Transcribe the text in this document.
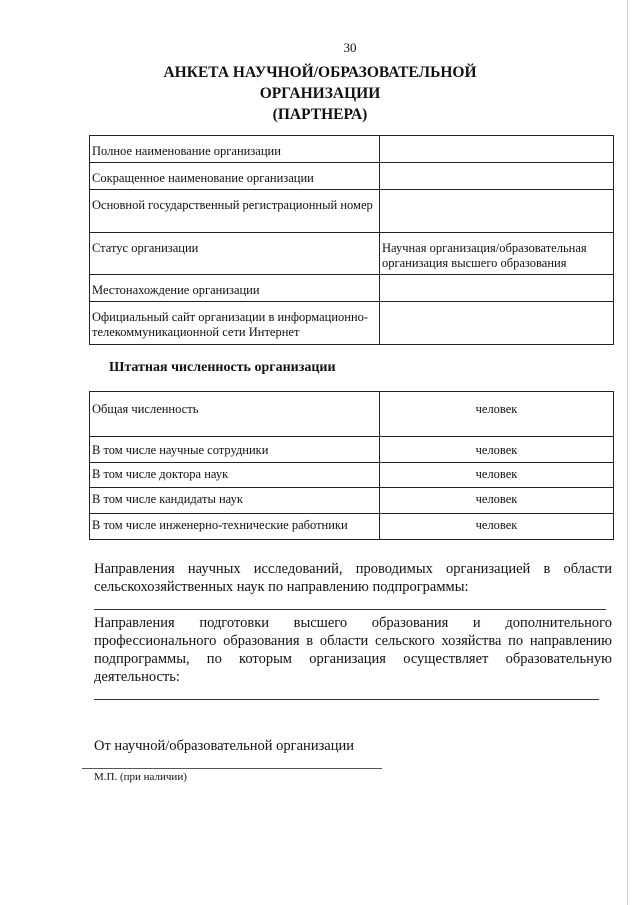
30
АНКЕТА НАУЧНОЙ/ОБРАЗОВАТЕЛЬНОЙ ОРГАНИЗАЦИИ
(ПАРТНЕРА)
Полное наименование организации	
Сокращенное наименование организации	
Основной государственный регистрационный номер	
Статус организации	Научная организация/образовательная организация высшего образования
Местонахождение организации	
Официальный сайт организации в информационно-телекоммуникационной сети Интернет	
Штатная численность организации
Общая численность	человек
В том числе научные сотрудники	человек
В том числе доктора наук	человек
В том числе кандидаты наук	человек
В том числе инженерно-технические работники	человек
Направления научных исследований, проводимых организацией в области сельскохозяйственных наук по направлению подпрограммы:
Направления подготовки высшего образования и дополнительного
профессионального образования в области сельского хозяйства по направлению подпрограммы, по которым организация осуществляет образовательную деятельность:
От научной/образовательной организации
М.П. (при наличии)
